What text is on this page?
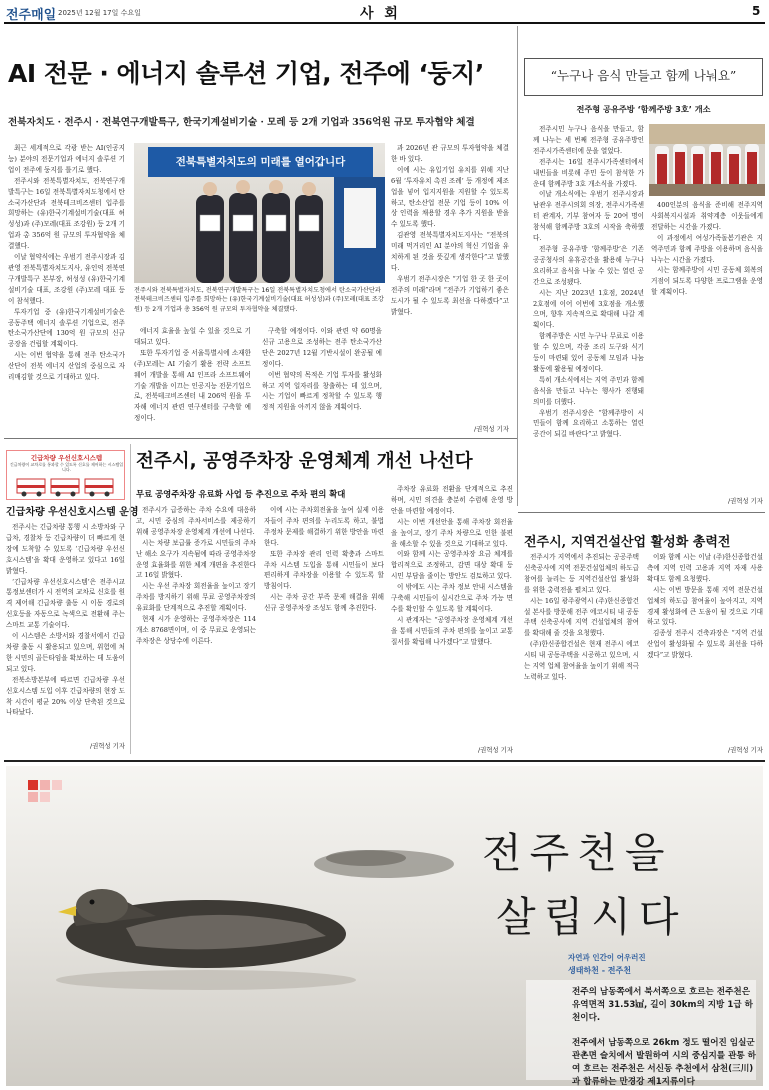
전주매일 2025년 12월 17일 수요일	사 회	5
AI 전문 · 에너지 솔루션 기업, 전주에 ‘둥지’
전북자치도 · 전주시 · 전북연구개발특구, 한국기계설비기술 · 모레 등 2개 기업과 356억원 규모 투자협약 체결

최근 세계적으로 각광 받는 AI(인공지능) 분야의 전문기업과 에너지 솔루션 기업이 전주에 둥지를 틀기로 했다.

전주시와 전북특별자치도, 전북연구개발특구는 16일 전북특별자치도청에서 탄소국가산단과 전북테크비즈센터 입주를 희망하는 (유)한국기계설비기술(대표 허성성)과 (주)모레(대표 조강원) 등 2개 기업과 총 356억 원 규모의 투자협약을 체결했다.

이날 협약식에는 우범기 전주시장과 김관영 전북특별자치도지사, 유인억 전북연구개발특구 본부장, 허성성 (유)한국기계설비기술 대표, 조강원 (주)모레 대표 등이 참석했다.

투자기업 중 (유)한국기계설비기술은 공동주택 에너지 솔루션 기업으로, 전주 탄소국가산단에 130억 원 규모의 신규 공장을 건립할 계획이다.

시는 이번 협약을 통해 전주 탄소국가산단이 전북 에너지 산업의 중심으로 자리매김할 것으로 기대하고 있다.

전북특별자치도의 미래를 열어갑니다
전주시와 전북특별자치도, 전북연구개발특구는 16일 전북특별자치도청에서 탄소국가산단과 전북테크비즈센터 입주를 희망하는 (유)한국기계설비기술(대표 허성성)과 (주)모레(대표 조강원) 등 2개 기업과 총 356억 원 규모의 투자협약을 체결했다.

에너지 효율을 높일 수 있을 것으로 기대되고 있다.

또한 투자기업 중 서울특별시에 소재한 (주)모레는 AI 기술기 활용 전략 소프트웨어 개발을 통해 AI 인프라 소프트웨어 기술 개발을 이끄는 인공지능 전문기업으로, 전북테크비즈센터 내 206억 원을 투자해 에너지 관련 연구센터를 구축할 예정이다.

구축할 예정이다. 이와 관련 약 60명을 신규 고용으로 조성하는 전주 탄소국가산단은 2027년 12월 기반시설이 완공될 예정이다.

이번 협약의 목적은 기업 투자를 활성화하고 지역 일자리를 창출하는 데 있으며, 시는 기업이 빠르게 정착할 수 있도록 행정적 지원을 아끼지 않을 계획이다.

과 2026년 관 규모의 투자협약을 체결한 바 있다.

이에 시는 유입기업 유치를 위해 지난 6월 ‘투자유치 촉진 조례’ 등 개정에 제조업을 넣어 입지지원을 지원할 수 있도록 하고, 탄소산업 전문 기업 등이 10% 이상 인력을 채용할 경우 추가 지원을 받을 수 있도록 했다.

김관영 전북특별자치도지사는 “전북의 미래 먹거리인 AI 분야의 혁신 기업을 유치하게 된 것을 뜻깊게 생각한다”고 말했다.

우범기 전주시장은 “기업 한 곳 한 곳이 전주의 미래”라며 “전주가 기업하기 좋은 도시가 될 수 있도록 최선을 다하겠다”고 밝혔다.

/권혁성 기자
“누구나 음식 만들고 함께 나눠요”
전주형 공유주방 ‘함께주방 3호’ 개소

전주시민 누구나 음식을 만들고, 함께 나누는 세 번째 전주형 공유주방인 전주시가족센터에 문을 열었다.

전주시는 16일 전주시가족센터에서 내빈들을 비롯해 주민 등이 참석한 가운데 함께주방 3호 개소식을 가졌다.

이날 개소식에는 우범기 전주시장과 남관우 전주시의회 의장, 전주시가족센터 관계자, 기부 참여자 등 20여 명이 참석해 함께주방 3호의 시작을 축하했다.

전주형 공유주방 ‘함께주방’은 기존 공공청사의 유휴공간을 활용해 누구나 요리하고 음식을 나눌 수 있는 열린 공간으로 조성됐다.

시는 지난 2023년 1호점, 2024년 2호점에 이어 이번에 3호점을 개소했으며, 향후 지속적으로 확대해 나갈 계획이다.

함께주방은 시민 누구나 무료로 이용할 수 있으며, 각종 조리 도구와 식기 등이 마련돼 있어 공동체 모임과 나눔 활동에 활용될 예정이다.

특히 개소식에서는 지역 주민과 함께 음식을 만들고 나누는 행사가 진행돼 의미를 더했다.

우범기 전주시장은 “함께주방이 시민들이 함께 요리하고 소통하는 열린 공간이 되길 바란다”고 밝혔다.

400인분의 음식을 준비해 전주지역 사회복지시설과 취약계층 이웃들에게 전달하는 시간을 가졌다.

이 과정에서 여성가족돌봄기관은 지역주민과 함께 주방을 이용하며 음식을 나누는 시간을 가졌다.

시는 함께주방이 시민 공동체 회복의 거점이 되도록 다양한 프로그램을 운영할 계획이다.

/권혁성 기자
긴급차량 우선신호시스템
긴급차량이 교차로를 통과할 수 있도록 신호를 제어하는 시스템입니다.
긴급차량 우선신호시스템 운영

전주시는 긴급차량 통행 시 소방차와 구급차, 경찰차 등 긴급차량이 더 빠르게 현장에 도착할 수 있도록 ‘긴급차량 우선신호시스템’을 확대 운영하고 있다고 16일 밝혔다.

‘긴급차량 우선신호시스템’은 전주시교통정보센터가 시 전역의 교차로 신호를 원격 제어해 긴급차량 출동 시 이동 경로의 신호등을 자동으로 녹색으로 전환해 주는 스마트 교통 기술이다.

이 시스템은 소방서와 경찰서에서 긴급차량 출동 시 활용되고 있으며, 위험에 처한 시민의 골든타임을 확보하는 데 도움이 되고 있다.

전북소방본부에 따르면 긴급차량 우선신호시스템 도입 이후 긴급차량의 현장 도착 시간이 평균 20% 이상 단축된 것으로 나타났다.

/권혁성 기자
전주시, 공영주차장 운영체계 개선 나선다
무료 공영주차장 유료화 사업 등 추진으로 주차 편의 확대

전주시가 급증하는 주차 수요에 대응하고, 시민 중심의 주차서비스를 제공하기 위해 공영주차장 운영체계 개선에 나선다.

시는 차량 보급률 증가로 시민들의 주차난 해소 요구가 지속됨에 따라 공영주차장 운영 효율화를 위한 체계 개편을 추진한다고 16일 밝혔다.

시는 우선 주차장 회전율을 높이고 장기 주차를 방지하기 위해 무료 공영주차장의 유료화를 단계적으로 추진할 계획이다.

현재 시가 운영하는 공영주차장은 114개소 8768면이며, 이 중 무료로 운영되는 주차장은 상당수에 이른다.

이에 시는 주차회전율을 높여 실제 이용자들이 주차 편의를 누리도록 하고, 불법 주정차 문제를 해결하기 위한 방안을 마련한다.

또한 주차장 관리 인력 확충과 스마트 주차 시스템 도입을 통해 시민들이 보다 편리하게 주차장을 이용할 수 있도록 할 방침이다.

시는 주차 공간 부족 문제 해결을 위해 신규 공영주차장 조성도 함께 추진한다.

주차장 유료화 전환을 단계적으로 추진하며, 시민 의견을 충분히 수렴해 운영 방안을 마련할 예정이다.

시는 이번 개선안을 통해 주차장 회전율을 높이고, 장기 주차 차량으로 인한 불편을 해소할 수 있을 것으로 기대하고 있다.

이와 함께 시는 공영주차장 요금 체계를 합리적으로 조정하고, 감면 대상 확대 등 시민 부담을 줄이는 방안도 검토하고 있다.

이 밖에도 시는 주차 정보 안내 시스템을 구축해 시민들이 실시간으로 주차 가능 면수를 확인할 수 있도록 할 계획이다.

시 관계자는 “공영주차장 운영체계 개선을 통해 시민들의 주차 편의를 높이고 교통 질서를 확립해 나가겠다”고 말했다.

/권혁성 기자
전주시, 지역건설산업 활성화 총력전

전주시가 지역에서 추진되는 공공주택 신축공사에 지역 전문건설업체의 하도급 참여를 늘리는 등 지역건설산업 활성화를 위한 총력전을 펼치고 있다.

시는 16일 광주광역시 (주)한신종합건설 본사를 방문해 전주 에코시티 내 공동주택 신축공사에 지역 건설업체의 참여를 확대해 줄 것을 요청했다.

(주)한신종합건설은 현재 전주시 에코시티 내 공동주택을 시공하고 있으며, 시는 지역 업체 참여율을 높이기 위해 적극 노력하고 있다.

이와 함께 시는 이날 (주)한신종합건설 측에 지역 인력 고용과 지역 자재 사용 확대도 함께 요청했다.

시는 이번 방문을 통해 지역 전문건설업체의 하도급 참여율이 높아지고, 지역 경제 활성화에 큰 도움이 될 것으로 기대하고 있다.

김종성 전주시 건축과장은 “지역 건설산업이 활성화될 수 있도록 최선을 다하겠다”고 밝혔다.

/권혁성 기자
전주천을
살립시다
자연과 인간이 어우러진
생태하천 - 전주천
전주의 남동쪽에서 북서쪽으로 흐르는 전주천은 유역면적 31.53㎢, 길이 30km의 지방 1급 하천이다.
전주에서 남동쪽으로 26km 정도 떨어진 임실군 관촌면 슬치에서 발원하여 시의 중심지를 관통 하여 흐르는 전주천은 서신동 추천에서 삼천(三川)과 합류하는 만경강 제1지류이다
